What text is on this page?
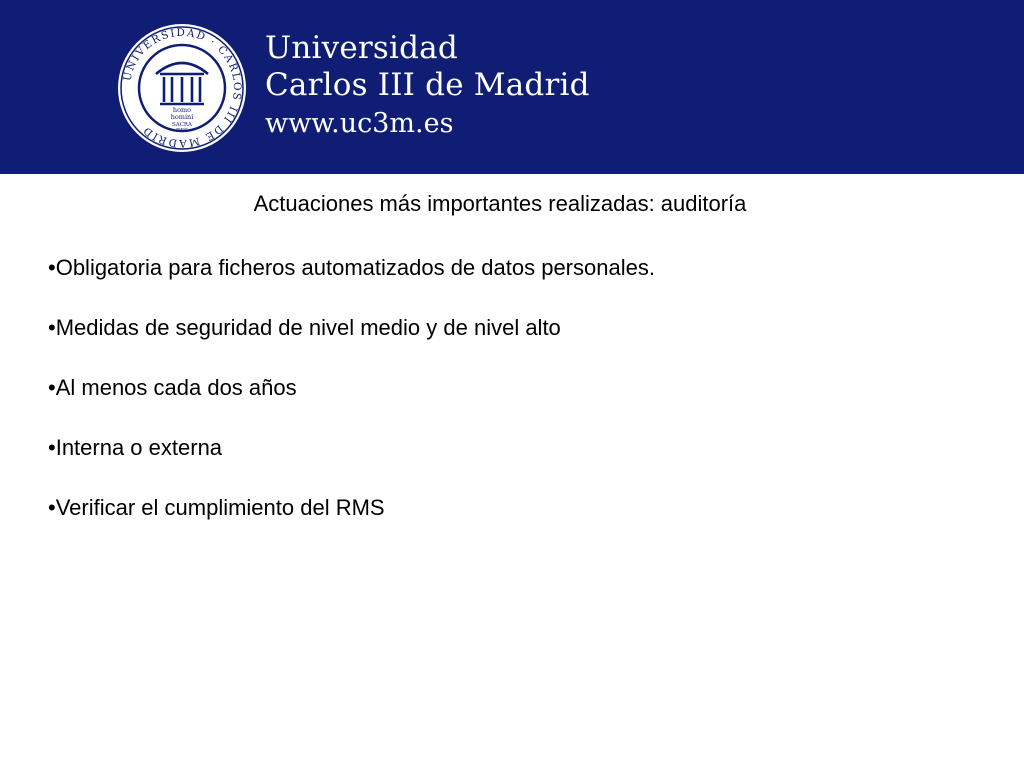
UNIVERSIDAD · CARLOS III DE MADRID
homo
homini
SACRA
RES
Universidad
Carlos III de Madrid
www.uc3m.es
Actuaciones más importantes realizadas: auditoría
•Obligatoria para ficheros automatizados de datos personales.
•Medidas de seguridad de nivel medio y de nivel alto
•Al menos cada dos años
•Interna o externa
•Verificar el cumplimiento del RMS
